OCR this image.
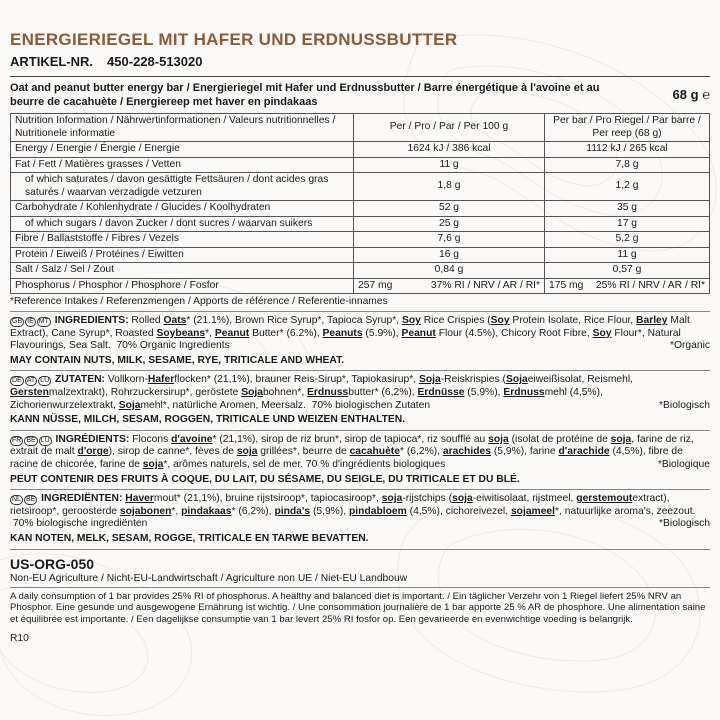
ENERGIERIEGEL MIT HAFER UND ERDNUSSBUTTER
ARTIKEL-NR. 450-228-513020
Oat and peanut butter energy bar / Energieriegel mit Hafer und Erdnussbutter / Barre énergétique à l'avoine et au beurre de cacahuète / Energiereep met haver en pindakaas	68 g ℮
Nutrition Information / Nährwertinformationen / Valeurs nutritionnelles / Nutritionele informatie	Per / Pro / Par / Per 100 g	Per bar / Pro Riegel / Par barre / Per reep (68 g)
Energy / Energie / Énergie / Energie	1624 kJ / 386 kcal	1112 kJ / 265 kcal
Fat / Fett / Matières grasses / Vetten	11 g	7,8 g
of which saturates / davon gesättigte Fettsäuren / dont acides gras saturés / waarvan verzadigde vetzuren	1,8 g	1,2 g
Carbohydrate / Kohlenhydrate / Glucides / Koolhydraten	52 g	35 g
of which sugars / davon Zucker / dont sucres / waarvan suikers	25 g	17 g
Fibre / Ballaststoffe / Fibres / Vezels	7,6 g	5,2 g
Protein / Eiweiß / Protéines / Eiwitten	16 g	11 g
Salt / Salz / Sel / Zout	0,84 g	0,57 g
Phosphorus / Phosphor / Phosphore / Fosfor	257 mg 37% RI / NRV / AR / RI*	175 mg 25% RI / NRV / AR / RI*
*Reference Intakes / Referenzmengen / Apports de référence / Referentie-innames

GB IE MT INGREDIENTS: Rolled Oats* (21.1%), Brown Rice Syrup*, Tapioca Syrup*, Soy Rice Crispies (Soy Protein Isolate, Rice Flour, Barley Malt Extract), Cane Syrup*, Roasted Soybeans*, Peanut Butter* (6.2%), Peanuts (5.9%), Peanut Flour (4.5%), Chicory Root Fibre, Soy Flour*, Natural Flavourings, Sea Salt.  70% Organic Ingredients	*Organic

MAY CONTAIN NUTS, MILK, SESAME, RYE, TRITICALE AND WHEAT.

DE AT LU ZUTATEN: Vollkorn-Haferflocken* (21,1%), brauner Reis-Sirup*, Tapiokasirup*, Soja-Reiskrispies (Sojaeiweißisolat, Reismehl, Gerstenmalzextrakt), Rohrzuckersirup*, geröstete Sojabohnen*, Erdnussbutter* (6,2%), Erdnüsse (5,9%), Erdnussmehl (4,5%), Zichorienwurzelextrakt, Sojamehl*, natürliche Aromen, Meersalz.  70% biologischen Zutaten	*Biologisch

KANN NÜSSE, MILCH, SESAM, ROGGEN, TRITICALE UND WEIZEN ENTHALTEN.

FR BE LU INGRÉDIENTS: Flocons d'avoine* (21,1%), sirop de riz brun*, sirop de tapioca*, riz soufflé au soja (isolat de protéine de soja, farine de riz, extrait de malt d'orge), sirop de canne*, fèves de soja grillées*, beurre de cacahuète* (6,2%), arachides (5,9%), farine d'arachide (4,5%), fibre de racine de chicorée, farine de soja*, arômes naturels, sel de mer. 70 % d'ingrédients biologiques	*Biologique

PEUT CONTENIR DES FRUITS À COQUE, DU LAIT, DU SÉSAME, DU SEIGLE, DU TRITICALE ET DU BLÉ.

NL BE INGREDIËNTEN: Havermout* (21,1%), bruine rijstsiroop*, tapiocasiroop*, soja-rijstchips (soja-eiwitisolaat, rijstmeel, gerstemoutextract), rietsiroop*, geroosterde sojabonen*, pindakaas* (6,2%), pinda's (5,9%), pindabloem (4,5%), cichoreivezel, sojameel*, natuurlijke aroma's, zeezout.  70% biologische ingrediënten	*Biologisch

KAN NOTEN, MELK, SESAM, ROGGE, TRITICALE EN TARWE BEVATTEN.
US-ORG-050
Non-EU Agriculture / Nicht-EU-Landwirtschaft / Agriculture non UE / Niet-EU Landbouw

A daily consumption of 1 bar provides 25% RI of phosphorus. A healthy and balanced diet is important. / Ein täglicher Verzehr von 1 Riegel liefert 25% NRV an Phosphor. Eine gesunde und ausgewogene Ernährung ist wichtig. / Une consommation journalière de 1 bar apporte 25 % AR de phosphore. Une alimentation saine et équilibrée est importante. / Een dagelijkse consumptie van 1 bar levert 25% RI fosfor op. Een gevarieerde en evenwichtige voeding is belangrijk.

R10
